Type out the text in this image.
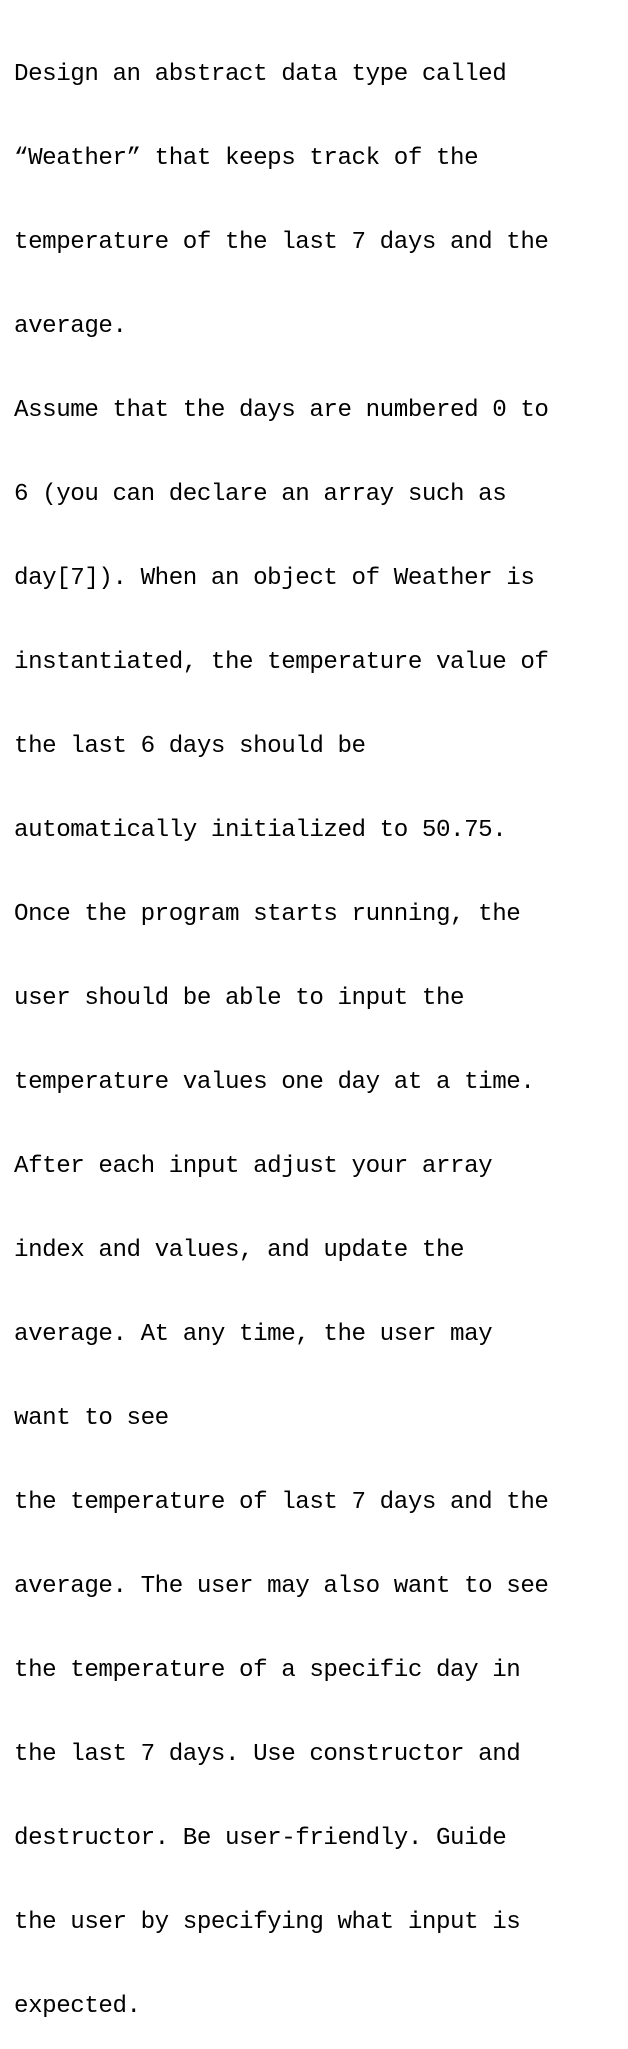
Design an abstract data type called

“Weather” that keeps track of the

temperature of the last 7 days and the

average.

Assume that the days are numbered 0 to

6 (you can declare an array such as

day[7]). When an object of Weather is

instantiated, the temperature value of

the last 6 days should be

automatically initialized to 50.75.

Once the program starts running, the

user should be able to input the

temperature values one day at a time.

After each input adjust your array

index and values, and update the

average. At any time, the user may

want to see

the temperature of last 7 days and the

average. The user may also want to see

the temperature of a specific day in

the last 7 days. Use constructor and

destructor. Be user-friendly. Guide

the user by specifying what input is

expected.
